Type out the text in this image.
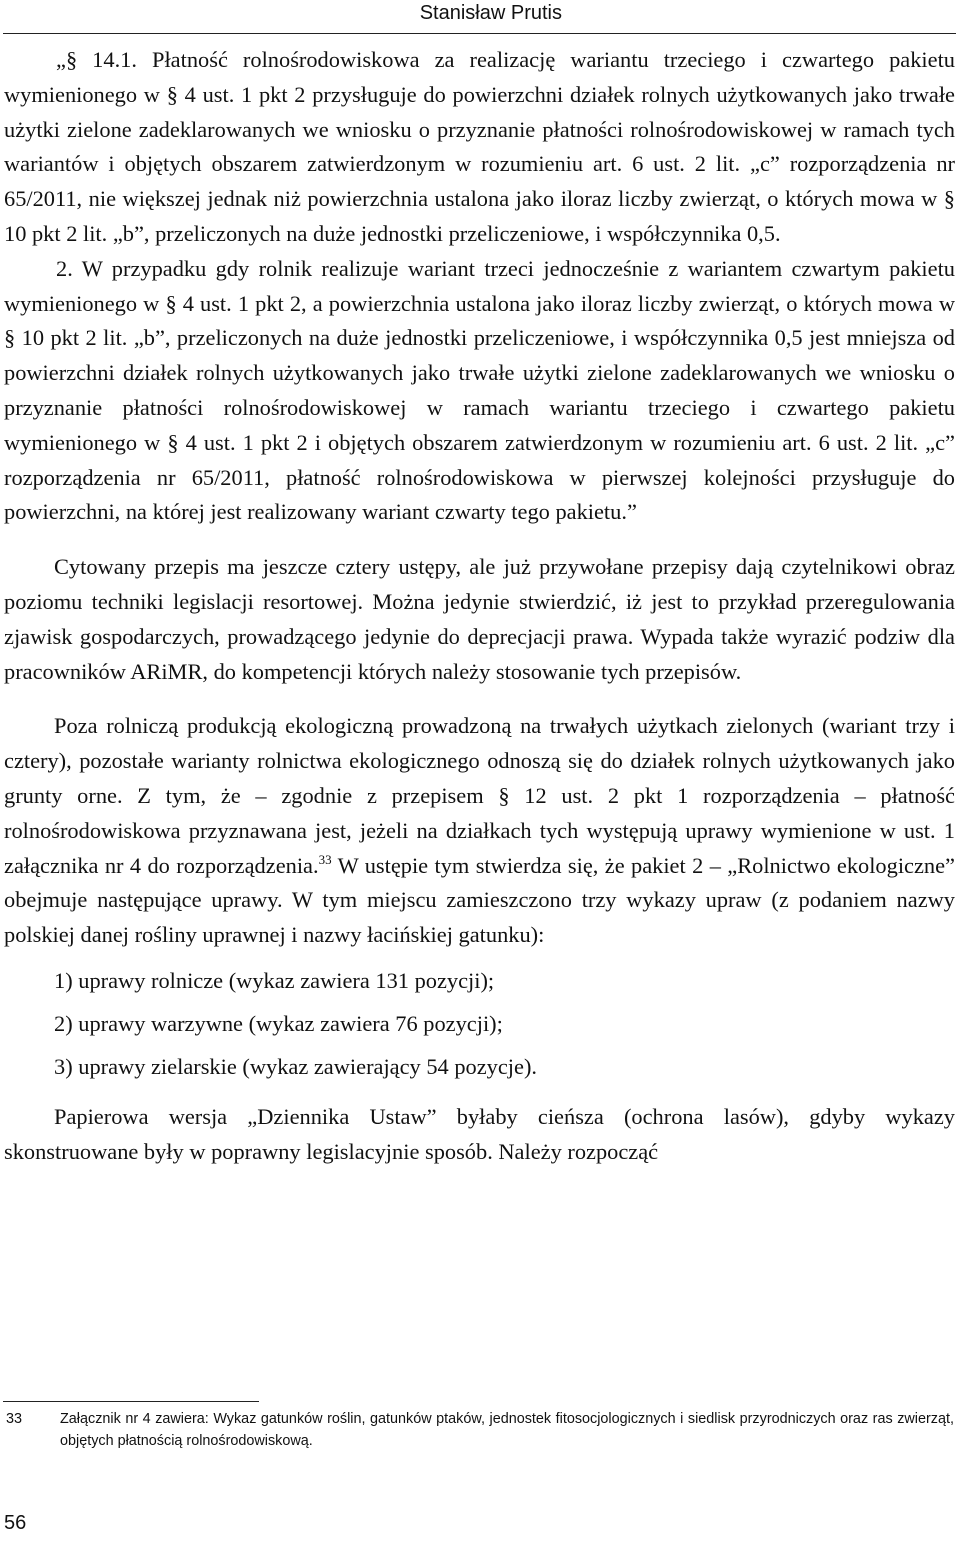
Stanisław Prutis

„§ 14.1. Płatność rolnośrodowiskowa za realizację wariantu trzeciego i czwartego pakietu wymienionego w § 4 ust. 1 pkt 2 przysługuje do powierzchni działek rolnych użytkowanych jako trwałe użytki zielone zadeklarowanych we wniosku o przyznanie płatności rolnośrodowiskowej w ramach tych wariantów i objętych obszarem zatwierdzonym w rozumieniu art. 6 ust. 2 lit. „c” rozporządzenia nr 65/2011, nie większej jednak niż powierzchnia ustalona jako iloraz liczby zwierząt, o których mowa w § 10 pkt 2 lit. „b”, przeliczonych na duże jednostki przeliczeniowe, i współczynnika 0,5.

2. W przypadku gdy rolnik realizuje wariant trzeci jednocześnie z wariantem czwartym pakietu wymienionego w § 4 ust. 1 pkt 2, a powierzchnia ustalona jako iloraz liczby zwierząt, o których mowa w § 10 pkt 2 lit. „b”, przeliczonych na duże jednostki przeliczeniowe, i współczynnika 0,5 jest mniejsza od powierzchni działek rolnych użytkowanych jako trwałe użytki zielone zadeklarowanych we wniosku o przyznanie płatności rolnośrodowiskowej w ramach wariantu trzeciego i czwartego pakietu wymienionego w § 4 ust. 1 pkt 2 i objętych obszarem zatwierdzonym w rozumieniu art. 6 ust. 2 lit. „c” rozporządzenia nr 65/2011, płatność rolnośrodowiskowa w pierwszej kolejności przysługuje do powierzchni, na której jest realizowany wariant czwarty tego pakietu.”

Cytowany przepis ma jeszcze cztery ustępy, ale już przywołane przepisy dają czytelnikowi obraz poziomu techniki legislacji resortowej. Można jedynie stwierdzić, iż jest to przykład przeregulowania zjawisk gospodarczych, prowadzącego jedynie do deprecjacji prawa. Wypada także wyrazić podziw dla pracowników ARiMR, do kompetencji których należy stosowanie tych przepisów.

Poza rolniczą produkcją ekologiczną prowadzoną na trwałych użytkach zielonych (wariant trzy i cztery), pozostałe warianty rolnictwa ekologicznego odnoszą się do działek rolnych użytkowanych jako grunty orne. Z tym, że – zgodnie z przepisem § 12 ust. 2 pkt 1 rozporządzenia – płatność rolnośrodowiskowa przyznawana jest, jeżeli na działkach tych występują uprawy wymienione w ust. 1 załącznika nr 4 do rozporządzenia.$^{33}$ W ustępie tym stwierdza się, że pakiet 2 – „Rolnictwo ekologiczne” obejmuje następujące uprawy. W tym miejscu zamieszczono trzy wykazy upraw (z podaniem nazwy polskiej danej rośliny uprawnej i nazwy łacińskiej gatunku):

1) uprawy rolnicze (wykaz zawiera 131 pozycji);
2) uprawy warzywne (wykaz zawiera 76 pozycji);
3) uprawy zielarskie (wykaz zawierający 54 pozycje).

Papierowa wersja „Dziennika Ustaw” byłaby cieńsza (ochrona lasów), gdyby wykazy skonstruowane były w poprawny legislacyjnie sposób. Należy rozpocząć

33	Załącznik nr 4 zawiera: Wykaz gatunków roślin, gatunków ptaków, jednostek fitosocjologicznych i siedlisk przyrodniczych oraz ras zwierząt, objętych płatnością rolnośrodowiskową.
56
